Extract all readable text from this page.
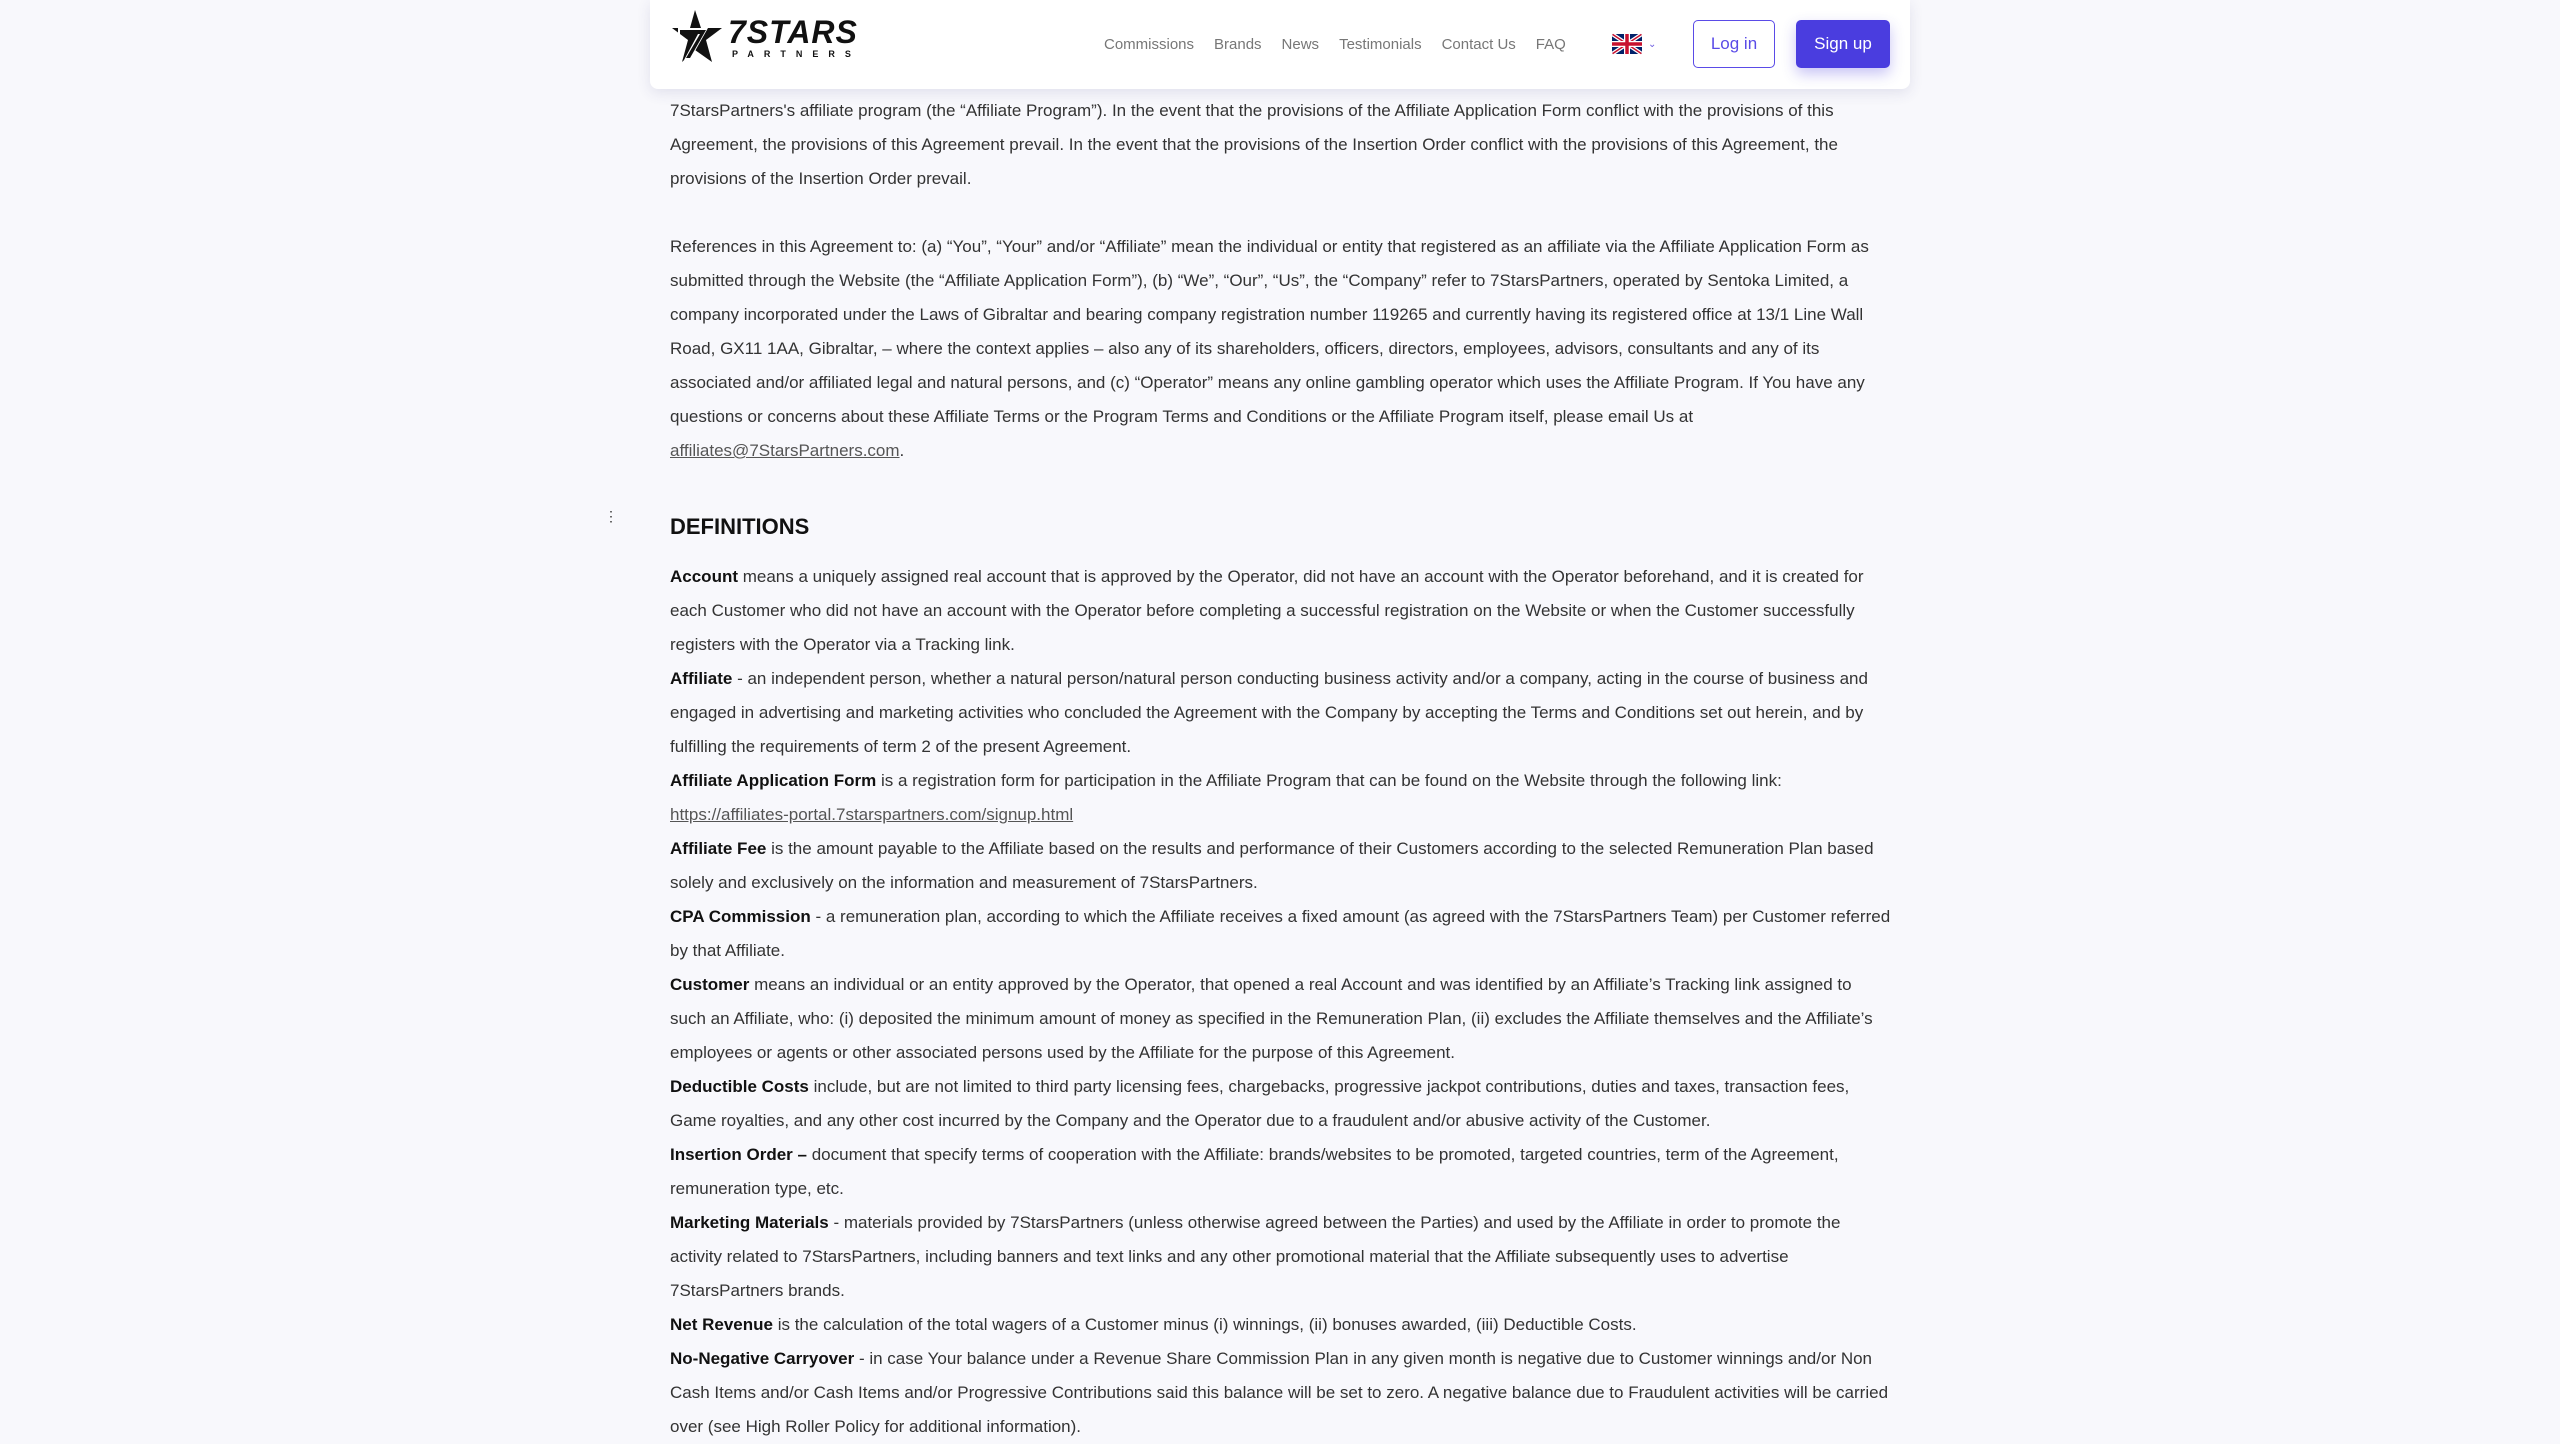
7StarsPartners's affiliate program (the “Affiliate Program”). In the event that the provisions of the Affiliate Application Form conflict with the provisions of this Agreement, the provisions of this Agreement prevail. In the event that the provisions of the Insertion Order conflict with the provisions of this Agreement, the provisions of the Insertion Order prevail.

References in this Agreement to: (a) “You”, “Your” and/or “Affiliate” mean the individual or entity that registered as an affiliate via the Affiliate Application Form as submitted through the Website (the “Affiliate Application Form”), (b) “We”, “Our”, “Us”, the “Company” refer to 7StarsPartners, operated by Sentoka Limited, a company incorporated under the Laws of Gibraltar and bearing company registration number 119265 and currently having its registered office at 13/1 Line Wall Road, GX11 1AA, Gibraltar, – where the context applies – also any of its shareholders, officers, directors, employees, advisors, consultants and any of its associated and/or affiliated legal and natural persons, and (c) “Operator” means any online gambling operator which uses the Affiliate Program. If You have any questions or concerns about these Affiliate Terms or the Program Terms and Conditions or the Affiliate Program itself, please email Us at affiliates@7StarsPartners.com.

⋮ DEFINITIONS
Account means a uniquely assigned real account that is approved by the Operator, did not have an account with the Operator beforehand, and it is created for each Customer who did not have an account with the Operator before completing a successful registration on the Website or when the Customer successfully registers with the Operator via a Tracking link.
Affiliate - an independent person, whether a natural person/natural person conducting business activity and/or a company, acting in the course of business and engaged in advertising and marketing activities who concluded the Agreement with the Company by accepting the Terms and Conditions set out herein, and by fulfilling the requirements of term 2 of the present Agreement.
Affiliate Application Form is a registration form for participation in the Affiliate Program that can be found on the Website through the following link: https://affiliates-portal.7starspartners.com/signup.html
Affiliate Fee is the amount payable to the Affiliate based on the results and performance of their Customers according to the selected Remuneration Plan based solely and exclusively on the information and measurement of 7StarsPartners.
CPA Commission - a remuneration plan, according to which the Affiliate receives a fixed amount (as agreed with the 7StarsPartners Team) per Customer referred by that Affiliate.
Customer means an individual or an entity approved by the Operator, that opened a real Account and was identified by an Affiliate’s Tracking link assigned to such an Affiliate, who: (i) deposited the minimum amount of money as specified in the Remuneration Plan, (ii) excludes the Affiliate themselves and the Affiliate’s employees or agents or other associated persons used by the Affiliate for the purpose of this Agreement.
Deductible Costs include, but are not limited to third party licensing fees, chargebacks, progressive jackpot contributions, duties and taxes, transaction fees, Game royalties, and any other cost incurred by the Company and the Operator due to a fraudulent and/or abusive activity of the Customer.
Insertion Order – document that specify terms of cooperation with the Affiliate: brands/websites to be promoted, targeted countries, term of the Agreement, remuneration type, etc.
Marketing Materials - materials provided by 7StarsPartners (unless otherwise agreed between the Parties) and used by the Affiliate in order to promote the activity related to 7StarsPartners, including banners and text links and any other promotional material that the Affiliate subsequently uses to advertise 7StarsPartners brands.
Net Revenue is the calculation of the total wagers of a Customer minus (i) winnings, (ii) bonuses awarded, (iii) Deductible Costs.
No-Negative Carryover - in case Your balance under a Revenue Share Commission Plan in any given month is negative due to Customer winnings and/or Non Cash Items and/or Cash Items and/or Progressive Contributions said this balance will be set to zero. A negative balance due to Fraudulent activities will be carried over (see High Roller Policy for additional information).
7STARS
PARTNERS
Commissions Brands News Testimonials Contact Us FAQ	⌄	Log in	Sign up
